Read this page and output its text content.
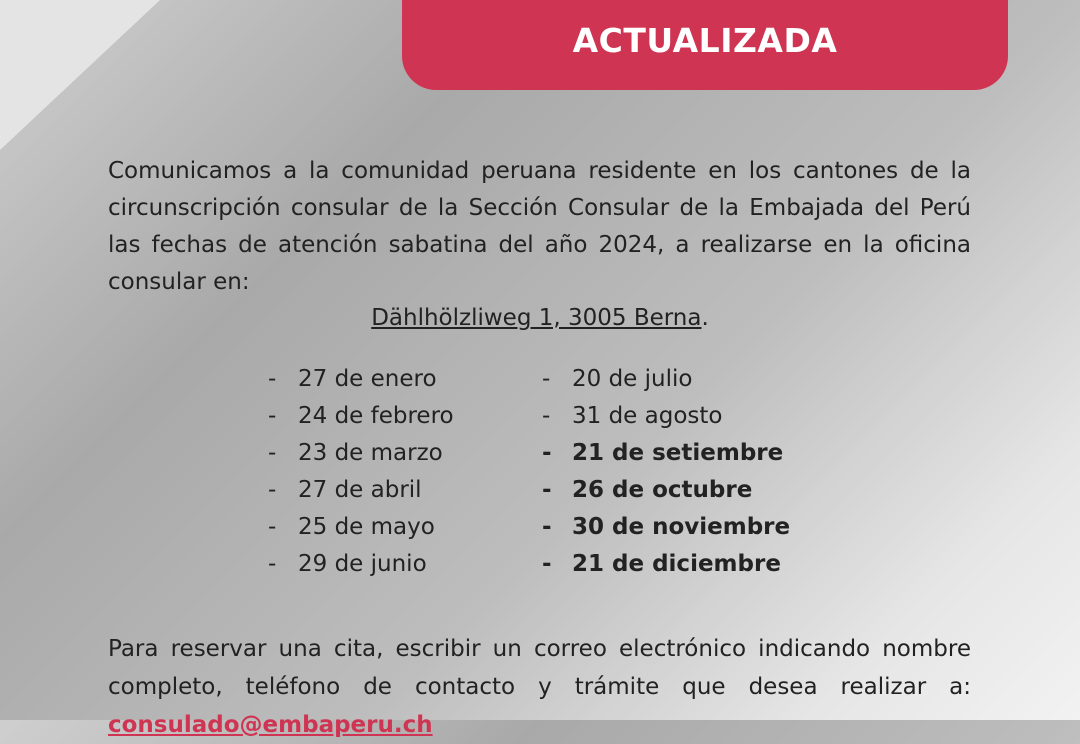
ACTUALIZADA

Comunicamos a la comunidad peruana residente en los cantones de la circunscripción consular de la Sección Consular de la Embajada del Perú las fechas de atención sabatina del año 2024, a realizarse en la oficina consular en:

Dählhölzliweg 1, 3005 Berna.
- 27 de enero
- 24 de febrero
- 23 de marzo
- 27 de abril
- 25 de mayo
- 29 de junio
- 20 de julio
- 31 de agosto
- 21 de setiembre
- 26 de octubre
- 30 de noviembre
- 21 de diciembre

Para reservar una cita, escribir un correo electrónico indicando nombre completo, teléfono de contacto y trámite que desea realizar a: consulado@embaperu.ch
